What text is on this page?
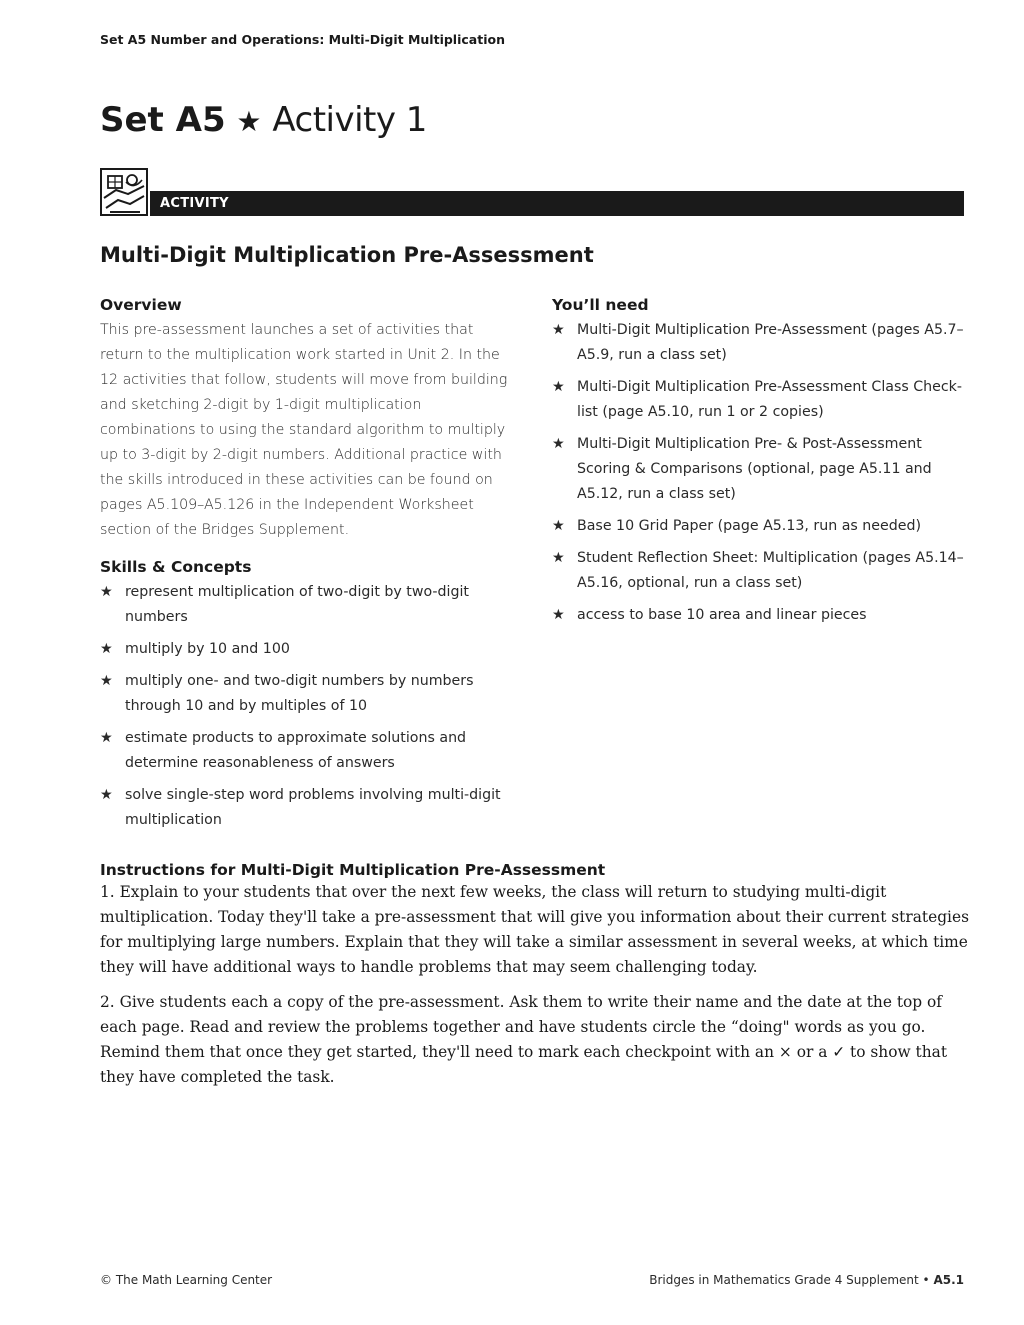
Set A5 Number and Operations: Multi-Digit Multiplication
Set A5 ★ Activity 1
ACTIVITY
Multi-Digit Multiplication Pre-Assessment
Overview
This pre-assessment launches a set of activities that return to the multiplication work started in Unit 2. In the 12 activities that follow, students will move from building and sketching 2-digit by 1-digit multiplication combinations to using the standard algorithm to multiply up to 3-digit by 2-digit numbers. Additional practice with the skills introduced in these activities can be found on pages A5.109–A5.126 in the Independent Worksheet section of the Bridges Supplement.
Skills & Concepts
★ represent multiplication of two-digit by two-digit numbers
★ multiply by 10 and 100
★ multiply one- and two-digit numbers by numbers through 10 and by multiples of 10
★ estimate products to approximate solutions and determine reasonableness of answers
★ solve single-step word problems involving multi-digit multiplication
You’ll need
★ Multi-Digit Multiplication Pre-Assessment (pages A5.7–A5.9, run a class set)
★ Multi-Digit Multiplication Pre-Assessment Class Check-list (page A5.10, run 1 or 2 copies)
★ Multi-Digit Multiplication Pre- & Post-Assessment Scoring & Comparisons (optional, page A5.11 and A5.12, run a class set)
★ Base 10 Grid Paper (page A5.13, run as needed)
★ Student Reflection Sheet: Multiplication (pages A5.14–A5.16, optional, run a class set)
★ access to base 10 area and linear pieces
Instructions for Multi-Digit Multiplication Pre-Assessment

1. Explain to your students that over the next few weeks, the class will return to studying multi-digit multiplication. Today they'll take a pre-assessment that will give you information about their current strategies for multiplying large numbers. Explain that they will take a similar assessment in several weeks, at which time they will have additional ways to handle problems that may seem challenging today.

2. Give students each a copy of the pre-assessment. Ask them to write their name and the date at the top of each page. Read and review the problems together and have students circle the “doing" words as you go. Remind them that once they get started, they'll need to mark each checkpoint with an × or a ✓ to show that they have completed the task.

© The Math Learning Center	Bridges in Mathematics Grade 4 Supplement • A5.1
